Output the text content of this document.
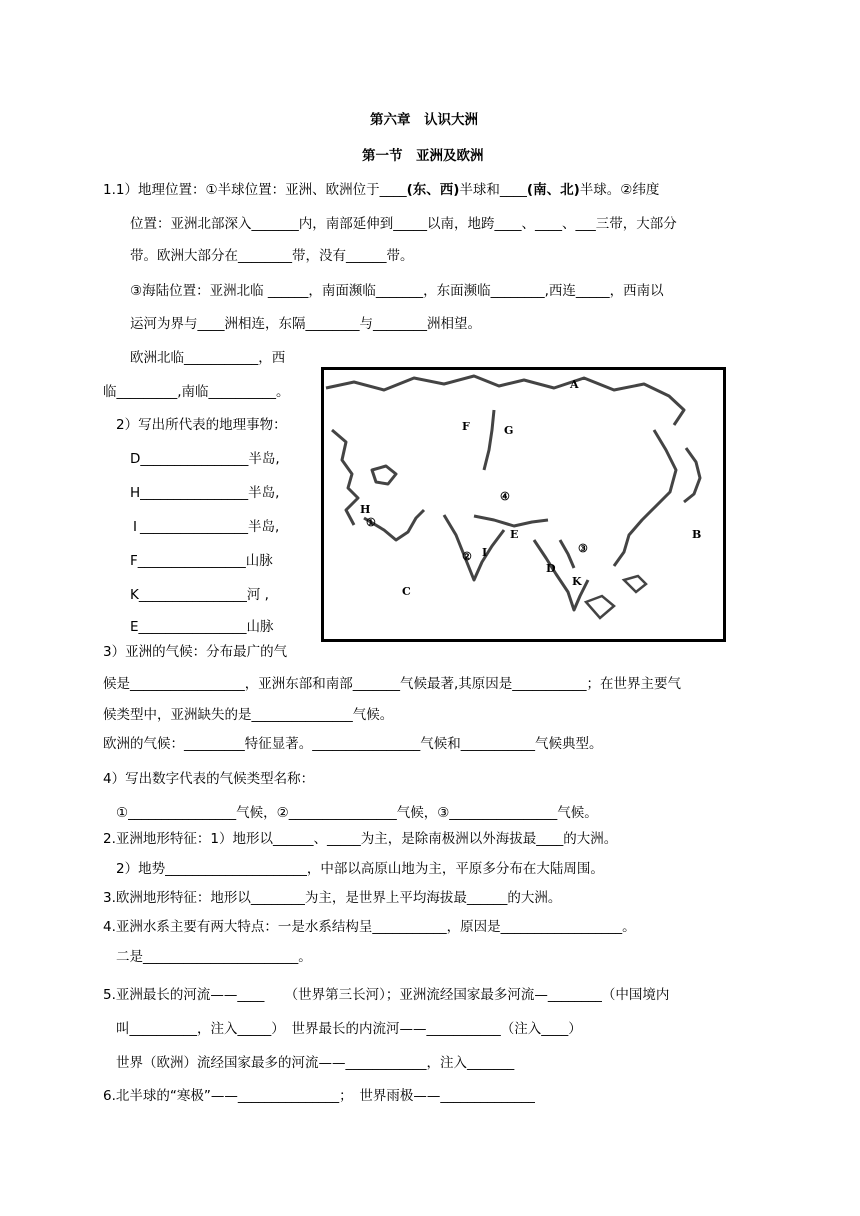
第六章　认识大洲
第一节　亚洲及欧洲
1.1）地理位置：①半球位置：亚洲、欧洲位于____(东、西)半球和____(南、北)半球。②纬度
位置：亚洲北部深入_______内，南部延伸到_____以南，地跨____、____、___三带，大部分
带。欧洲大部分在________带，没有______带。
③海陆位置：亚洲北临 ______，南面濒临_______，东面濒临________,西连_____，西南以
运河为界与____洲相连，东隔________与________洲相望。
欧洲北临___________，西
临_________,南临__________。
2）写出所代表的地理事物：
D________________半岛,
H________________半岛,
I ________________半岛,
F________________山脉
K________________河 ,
E________________山脉
A
B
C
D
E
F	G
H
I
K
①
②
③
④
3）亚洲的气候：分布最广的气
候是_________________，亚洲东部和南部_______气候最著,其原因是___________；在世界主要气
候类型中，亚洲缺失的是_______________气候。
欧洲的气候：_________特征显著。________________气候和___________气候典型。
4）写出数字代表的气候类型名称：
①________________气候，②________________气候，③________________气候。
2.亚洲地形特征：1）地形以______、_____为主，是除南极洲以外海拔最____的大洲。
2）地势_____________________，中部以高原山地为主，平原多分布在大陆周围。
3.欧洲地形特征：地形以________为主，是世界上平均海拔最______的大洲。
4.亚洲水系主要有两大特点：一是水系结构呈___________，原因是__________________。
二是_______________________。
5.亚洲最长的河流——____　　（世界第三长河）；亚洲流经国家最多河流—________（中国境内
叫__________，注入_____）　世界最长的内流河——___________（注入____）
世界（欧洲）流经国家最多的河流——____________，注入_______
6.北半球的“寒极”——_______________；　世界雨极——______________
